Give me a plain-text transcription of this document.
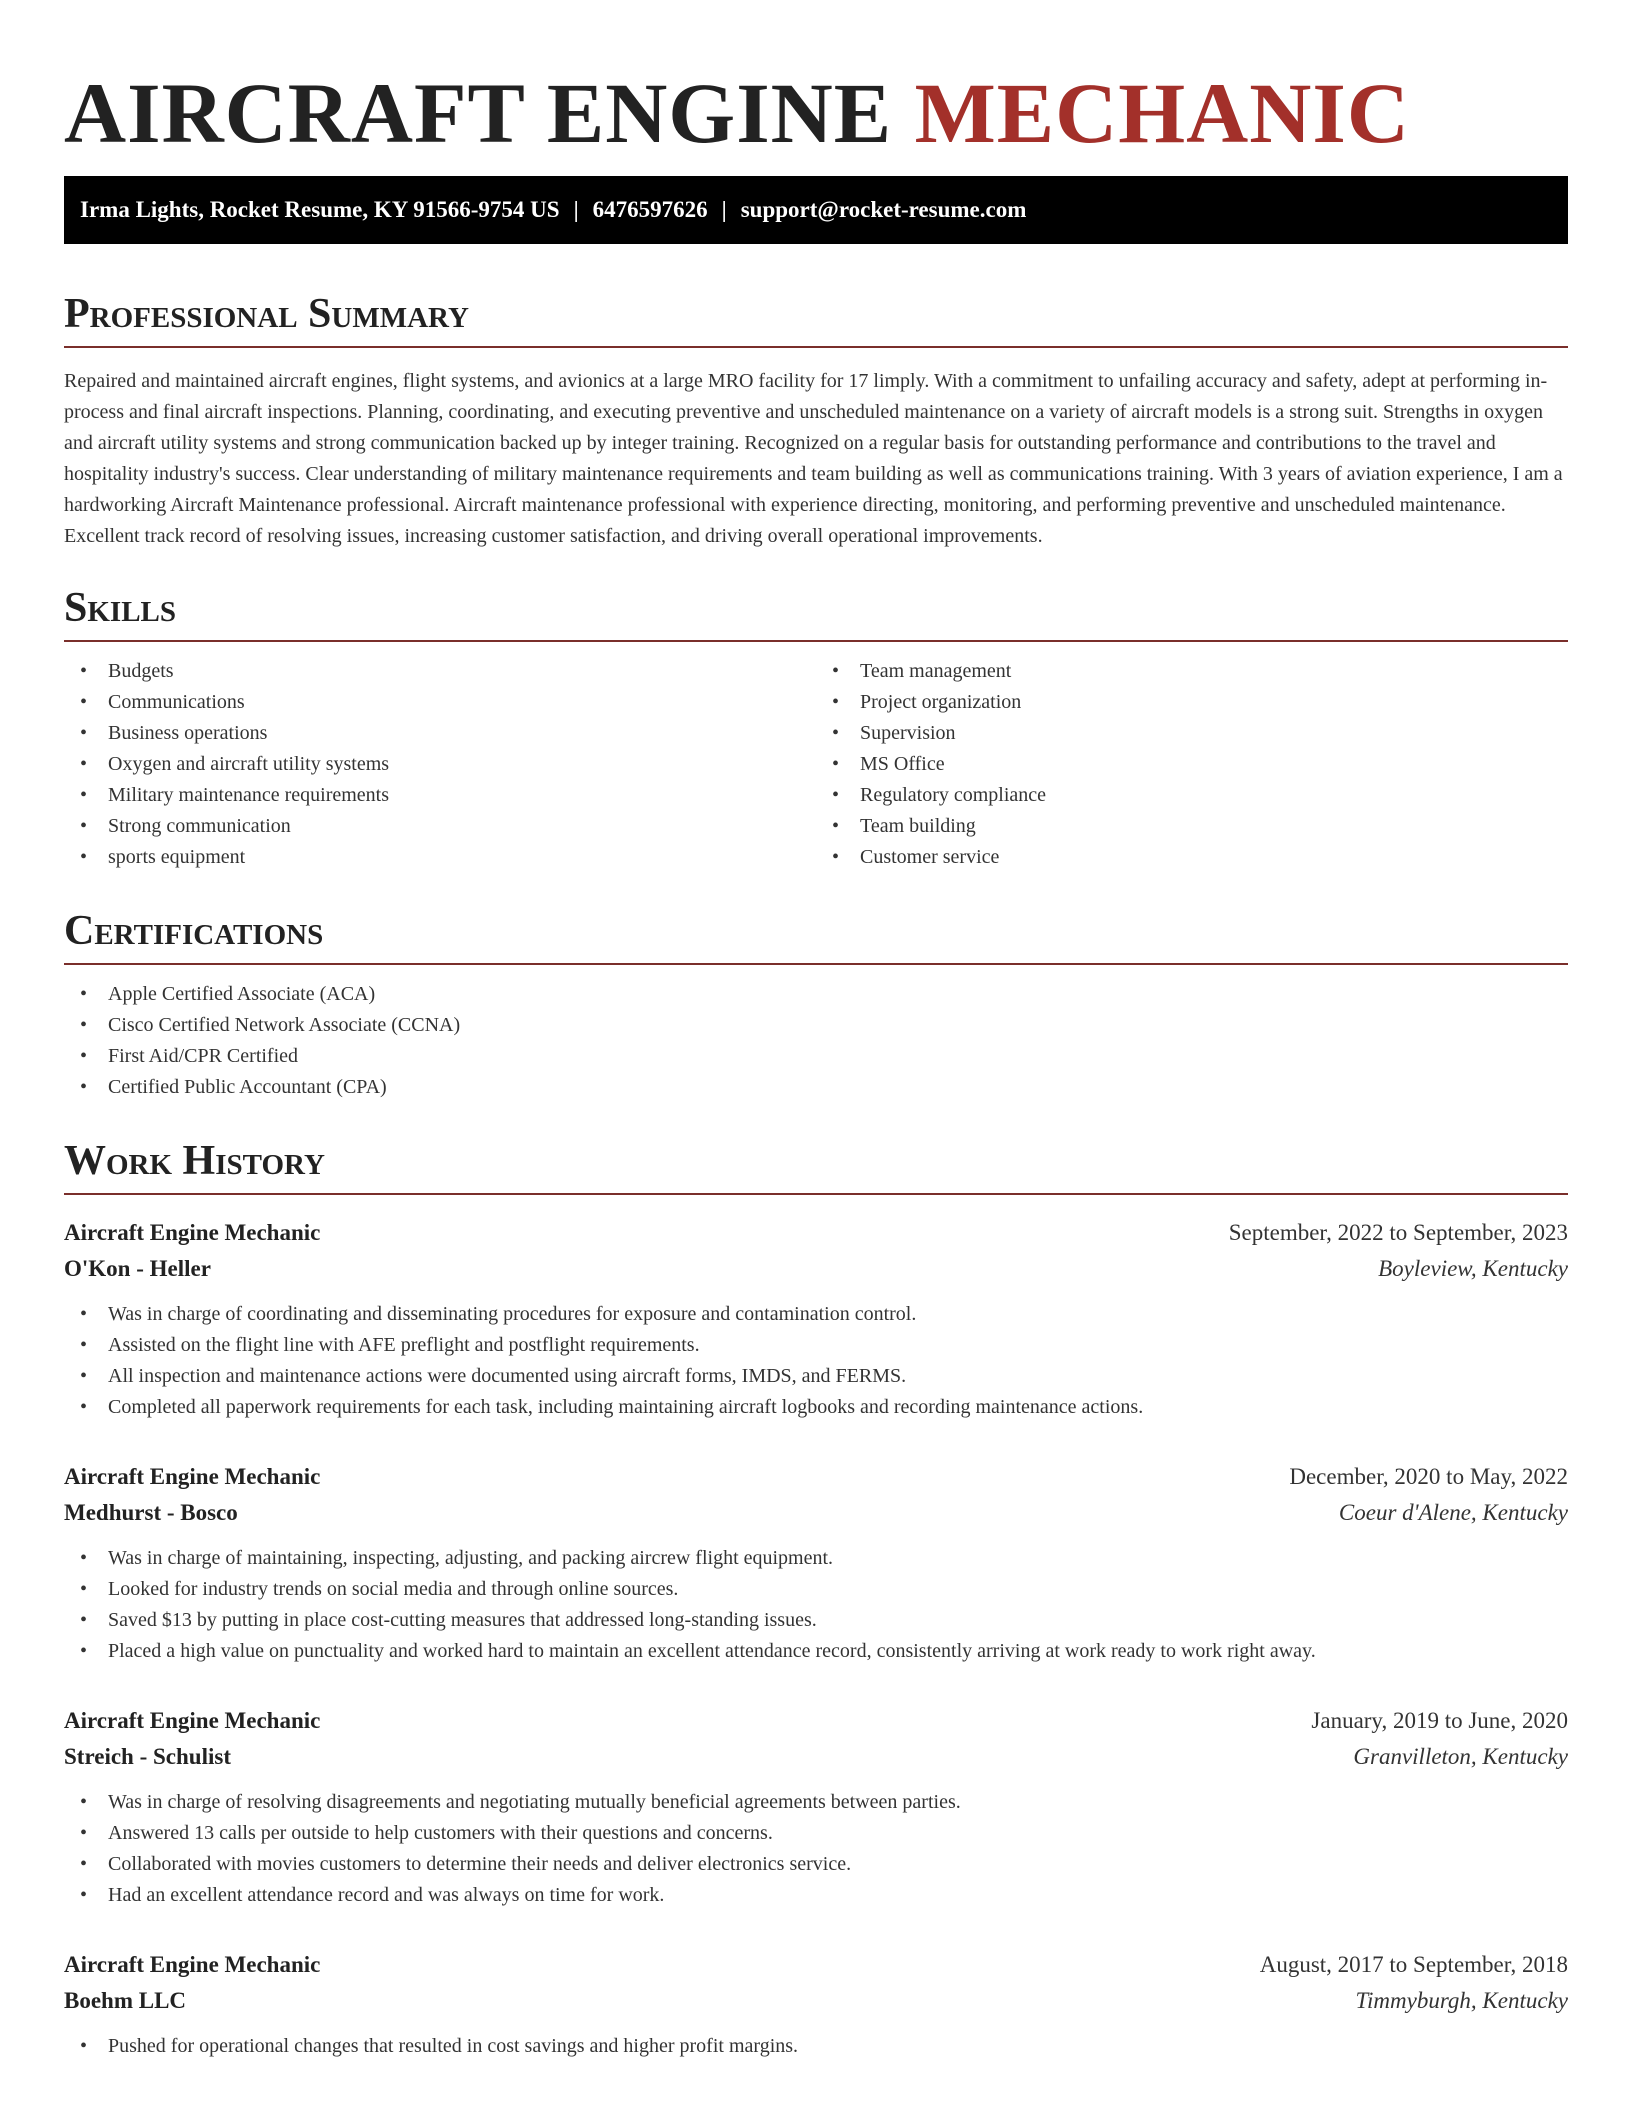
AIRCRAFT ENGINE MECHANIC
Irma Lights, Rocket Resume, KY 91566-9754 US | 6476597626 | support@rocket-resume.com
Professional Summary

Repaired and maintained aircraft engines, flight systems, and avionics at a large MRO facility for 17 limply. With a commitment to unfailing accuracy and safety, adept at performing in-process and final aircraft inspections. Planning, coordinating, and executing preventive and unscheduled maintenance on a variety of aircraft models is a strong suit. Strengths in oxygen and aircraft utility systems and strong communication backed up by integer training. Recognized on a regular basis for outstanding performance and contributions to the travel and hospitality industry's success. Clear understanding of military maintenance requirements and team building as well as communications training. With 3 years of aviation experience, I am a hardworking Aircraft Maintenance professional. Aircraft maintenance professional with experience directing, monitoring, and performing preventive and unscheduled maintenance. Excellent track record of resolving issues, increasing customer satisfaction, and driving overall operational improvements.

Skills
• Budgets
• Communications
• Business operations
• Oxygen and aircraft utility systems
• Military maintenance requirements
• Strong communication
• sports equipment
• Team management
• Project organization
• Supervision
• MS Office
• Regulatory compliance
• Team building
• Customer service
Certifications
• Apple Certified Associate (ACA)
• Cisco Certified Network Associate (CCNA)
• First Aid/CPR Certified
• Certified Public Accountant (CPA)
Work History
Aircraft Engine Mechanic	September, 2022 to September, 2023
O'Kon - Heller	Boyleview, Kentucky
• Was in charge of coordinating and disseminating procedures for exposure and contamination control.
• Assisted on the flight line with AFE preflight and postflight requirements.
• All inspection and maintenance actions were documented using aircraft forms, IMDS, and FERMS.
• Completed all paperwork requirements for each task, including maintaining aircraft logbooks and recording maintenance actions.
Aircraft Engine Mechanic	December, 2020 to May, 2022
Medhurst - Bosco	Coeur d'Alene, Kentucky
• Was in charge of maintaining, inspecting, adjusting, and packing aircrew flight equipment.
• Looked for industry trends on social media and through online sources.
• Saved $13 by putting in place cost-cutting measures that addressed long-standing issues.
• Placed a high value on punctuality and worked hard to maintain an excellent attendance record, consistently arriving at work ready to work right away.
Aircraft Engine Mechanic	January, 2019 to June, 2020
Streich - Schulist	Granvilleton, Kentucky
• Was in charge of resolving disagreements and negotiating mutually beneficial agreements between parties.
• Answered 13 calls per outside to help customers with their questions and concerns.
• Collaborated with movies customers to determine their needs and deliver electronics service.
• Had an excellent attendance record and was always on time for work.
Aircraft Engine Mechanic	August, 2017 to September, 2018
Boehm LLC	Timmyburgh, Kentucky
• Pushed for operational changes that resulted in cost savings and higher profit margins.
